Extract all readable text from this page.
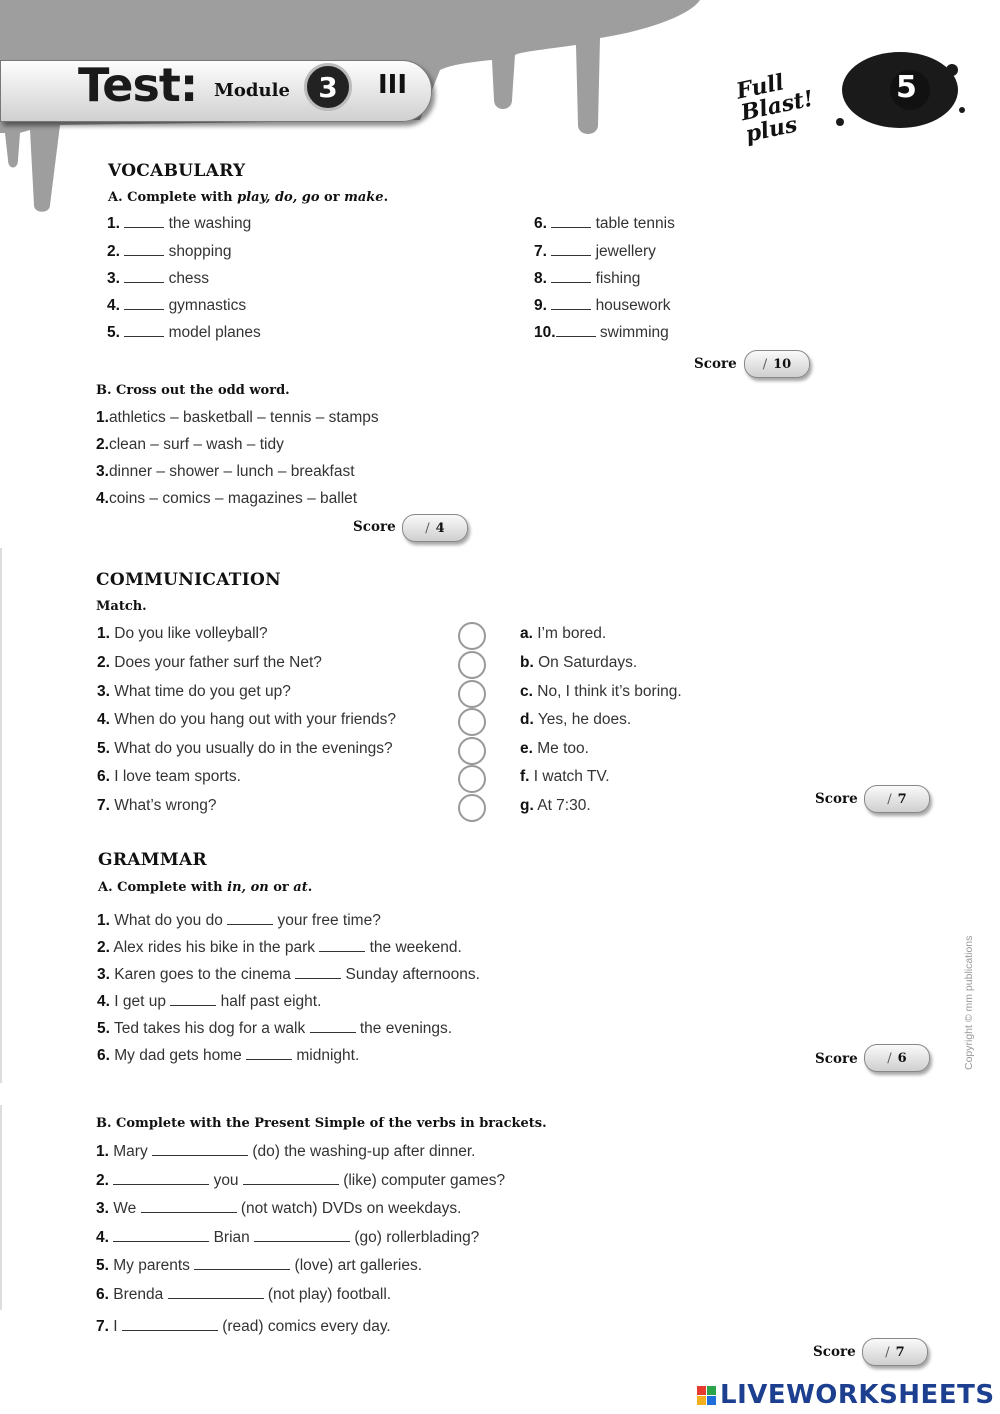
Test: Module 3 III	Full Blast! plus
5
VOCABULARY
A. Complete with play, do, go or make.
1.	the washing
2.	shopping
3.	chess
4.	gymnastics
5.	model planes
6.	table tennis
7.	jewellery
8.	fishing
9.	housework
10.	swimming
Score / 10
B. Cross out the odd word.
1.athletics – basketball – tennis – stamps
2.clean – surf – wash – tidy
3.dinner – shower – lunch – breakfast
4.coins – comics – magazines – ballet
Score / 4
COMMUNICATION
Match.
1. Do you like volleyball?	a. I’m bored.
2. Does your father surf the Net?	b. On Saturdays.
3. What time do you get up?	c. No, I think it’s boring.
4. When do you hang out with your friends?	d. Yes, he does.
5. What do you usually do in the evenings?	e. Me too.
6. I love team sports.	f. I watch TV.
7. What’s wrong?	g. At 7:30.	Score / 7
GRAMMAR
A. Complete with in, on or at.
1. What do you do	your free time?
2. Alex rides his bike in the park	the weekend.
3. Karen goes to the cinema	Sunday afternoons.
4. I get up	half past eight.
5. Ted takes his dog for a walk	the evenings.
6. My dad gets home	midnight.	Score / 6	Copyright © mm publications
B. Complete with the Present Simple of the verbs in brackets.
1. Mary	(do) the washing-up after dinner.
2.	you	(like) computer games?
3. We	(not watch) DVDs on weekdays.
4.	Brian	(go) rollerblading?
5. My parents	(love) art galleries.
6. Brenda	(not play) football.
7. I	(read) comics every day.
Score / 7
LIVEWORKSHEETS
